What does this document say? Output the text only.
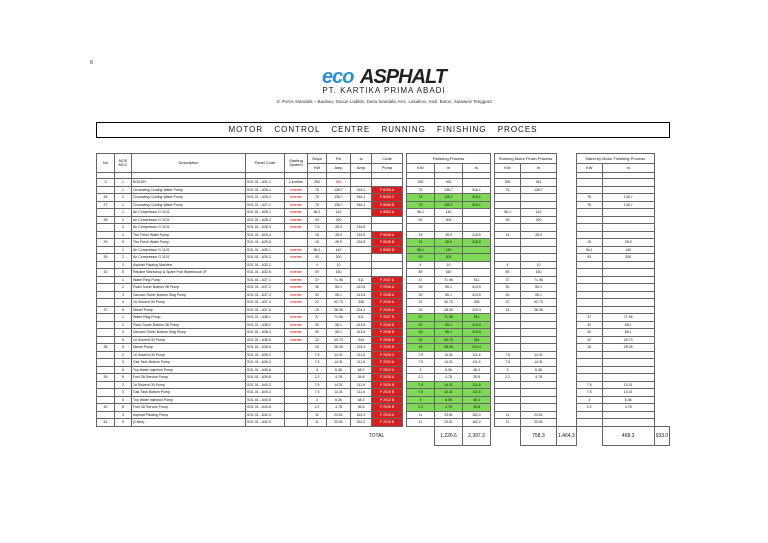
8
eco ASPHALT
PT. KARTIKA PRIMA ABADI
Jl. Poros Siandala – Baubau, Dusun Ladikle, Desa Siandala, Kec. Lasalimu, Kab. Buton, Sulawesi Tenggara
MOTOR CONTROL CENTRE RUNNING FINISHING PROCES
No	NOS MCC	Description	Panel Code	Starting System	Daya	Fin	Is	Code		Finishing Process				Running Motor Finish Process			Stand by Motor Finishing Process		
					KW	Amp	Amp	Pump		KW	In	Is		KW	In		KW	In	

3	1	BOILER	SGL 01 - A01-1	2 inverter	250	451				250	451			250	451				
	1	Circulating Cooling Water Pump	SGL 01 - A26-1	inverter	75	136.7	916.1	P 8058 A		75	136.7	916.1		75	136.7				
26	2	Circulating Cooling Water Pump	SGL 01 - A26-2	inverter	75	136.7	916.1	P 8058 C		75	136.7	916.1					75	136.7	
27	1	Circulating Cooling Water Pump	SGL 01 - A27-1	inverter	75	136.7	916.1	P 8058 B		75	136.7	916.1					75	136.7	
	1	Air Compressor G 1101	SGL 01 - A28-1	inverter	56.1	140		K 8083 A		56.1	140			56.1	140				
28	2	Air Compressor G 1101	SGL 01 - A28-2	inverter	93	200				93	200			93	200				
	3	Air Compressor G 1101	SGL 01 - A28-3	inverter	7.5	28.9	216.5												
	4	The Fresh Water Pump	SGL 01 - A29-4		15	28.9	216.5	P 8048 A		15	28.9	216.5		15	28.9				
29	5	The Fresh Water Pump	SGL 01 - A29-5		15	28.9	216.5	P 8048 B		15	28.9	216.5					15	28.9	
	1	Air Compressor G 1101	SGL 01 - A30-1	inverter	56.1	140		K 8083 B		56.1	140						56.1	140	
30	2	Air Compressor G 1101	SGL 01 - A30-2	inverter	93	200				93	200						93	200	
	2	Asphalt Packing Machine	SGL 01 - A32-2		4	10				4	10			4	10				
32	6	Repaire Workshop & Spare Part Warehouse 2F	SGL 01 - A32-6	inverter	89	160				89	160			89	160				
	1	Water Ring Pump	SGL 01 - A37-1	inverter	37	71.96	511	P 2037 A		37	71.96	511		37	71.96				
	2	Flash Tower Bottom Oil Pump	SGL 01 - A37-2	inverter	30	55.1	413.5	P 2036 A		30	55.1	413.5		30	55.1				
	3	Vacuum Tower Bottom Slag Pump	SGL 01 - A37-3	inverter	30	55.1	413.5	P 2038 A		30	55.1	413.5		30	55.1				
	4	1# Solvent Oil Pump	SGL 01 - A37-4	inverter	22	40.73	338	P 2036 A		22	40.73	338		22	40.73				
37	6	Diesel Pump	SGL 01 - A37-6		15	28.05	224.4	P 2035 A		15	28.05	224.4		15	28.05				
	1	Water Ring Pump	SGL 01 - A38-1	inverter	37	71.96	511	P 2037 B		37	71.96	511					37	71.96	
	2	Flash Tower Bottom Oil Pump	SGL 01 - A38-2	inverter	30	55.1	413.5	P 2036 B		30	55.1	413.5					30	55.1	
	3	Vacuum Tower Bottom Slag Pump	SGL 01 - A38-3	inverter	30	55.1	413.5	P 2038 B		30	55.1	413.5					30	55.1	
	5	1# Solvent Oil Pump	SGL 01 - A38-5	inverter	22	40.73	344	P 2036 B		22	40.73	344					22	40.73	
38	6	Diesel Pump	SGL 01 - A38-6		15	28.05	224.4	P 2035 B		15	28.05	224.4					15	28.05	
	2	1# Solvent Oil Pump	SGL 01 - A39-2		7.5	14.31	111.6	P 2026 A		7.5	14.31	111.6		7.5	14.31				
	3	Gas Tank Bottom Pump	SGL 01 - A39-3		7.5	14.31	111.6	P 2020 A		7.5	14.31	111.6		7.5	14.31				
	6	Top Water Injection Pump	SGL 01 - A39-6		3	6.36	48.3	P 2012 A		3	6.36	48.3		3	6.36				
39	8	Fuel Oil Service Pump	SGL 01 - A39-8		2.2	4.78	35.8	P 2026 A		2.2	4.78	35.8		2.2	4.78				
	2	1# Solvent Oil Pump	SGL 01 - A40-2		7.5	14.31	111.6	P 2026 B		7.5	14.31	111.6					7.5	14.31	
	3	Gas Tank Bottom Pump	SGL 01 - A40-3		7.5	14.31	111.6	P 2020 B		7.5	14.31	111.6					7.5	14.31	
	6	Top Water Injection Pump	SGL 01 - A40-6		3	6.36	48.3	P 2012 B		3	6.36	48.3					3	6.36	
40	8	Fuel Oil Service Pump	SGL 01 - A40-8		2.2	4.78	35.8	P 2026 B		2.2	4.78	35.8					2.2	4.78	
	4	Asphalt Packing Pump	SGL 01 - A42-4		11	23.51	162.2	P 2015 A		11	23.51	162.2		11	23.51				
42	5	(China)	SGL 01 - A42-5		11	23.51	162.2	P 2015 B		11	23.51	162.2		11	23.51				
							TOTAL				1,226.6	2,397.3			758.3	1,464.3		468.3	933.0
